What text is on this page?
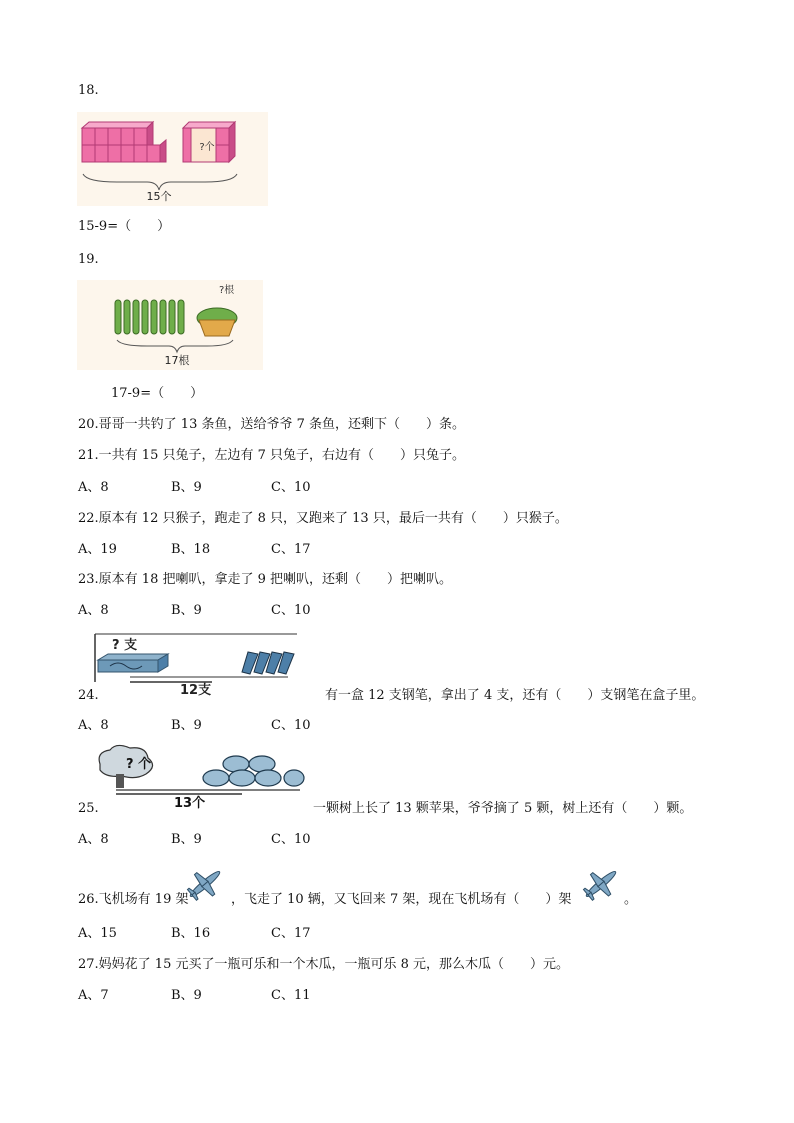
18.
?个
15个
15-9=（　　）
19.
?根
17根
17-9=（　　）
20.哥哥一共钓了 13 条鱼，送给爷爷 7 条鱼，还剩下（　　）条。
21.一共有 15 只兔子，左边有 7 只兔子，右边有（　　）只兔子。
A、8	B、9	C、10
22.原本有 12 只猴子，跑走了 8 只，又跑来了 13 只，最后一共有（　　）只猴子。
A、19	B、18	C、17
23.原本有 18 把喇叭，拿走了 9 把喇叭，还剩（　　）把喇叭。
A、8	B、9	C、10
? 支
12支
24.	有一盒 12 支钢笔，拿出了 4 支，还有（　　）支钢笔在盒子里。
A、8	B、9	C、10
? 个
13个
25.	一颗树上长了 13 颗苹果，爷爷摘了 5 颗，树上还有（　　）颗。
A、8	B、9	C、10
26.飞机场有 19 架	，飞走了 10 辆，又飞回来 7 架，现在飞机场有（　　）架	。
A、15	B、16	C、17
27.妈妈花了 15 元买了一瓶可乐和一个木瓜，一瓶可乐 8 元，那么木瓜（　　）元。
A、7	B、9	C、11
